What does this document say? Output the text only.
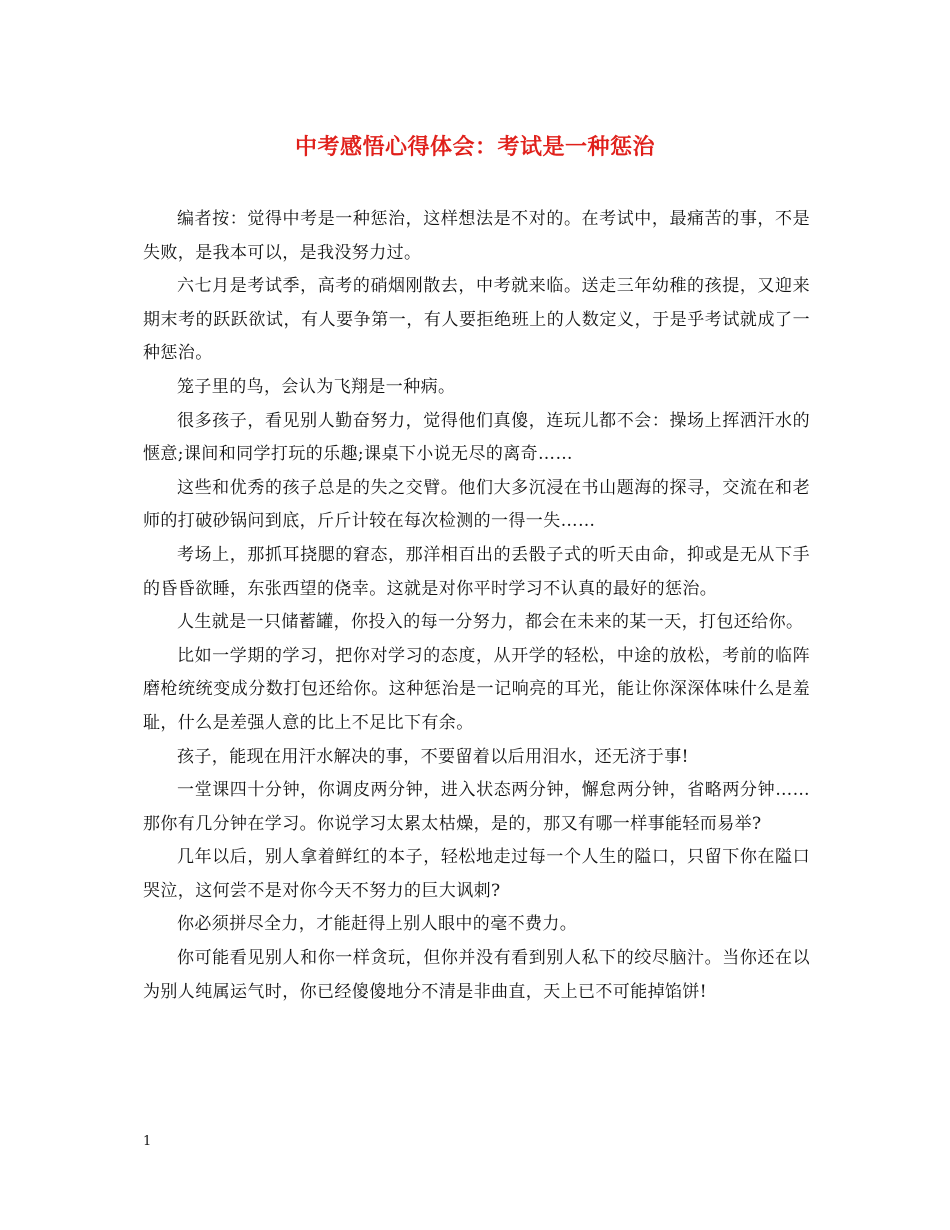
中考感悟心得体会：考试是一种惩治

编者按：觉得中考是一种惩治，这样想法是不对的。在考试中，最痛苦的事，不是失败，是我本可以，是我没努力过。

六七月是考试季，高考的硝烟刚散去，中考就来临。送走三年幼稚的孩提，又迎来期末考的跃跃欲试，有人要争第一，有人要拒绝班上的人数定义，于是乎考试就成了一种惩治。

笼子里的鸟，会认为飞翔是一种病。

很多孩子，看见别人勤奋努力，觉得他们真傻，连玩儿都不会：操场上挥洒汗水的惬意;课间和同学打玩的乐趣;课桌下小说无尽的离奇……

这些和优秀的孩子总是的失之交臂。他们大多沉浸在书山题海的探寻，交流在和老师的打破砂锅问到底，斤斤计较在每次检测的一得一失……

考场上，那抓耳挠腮的窘态，那洋相百出的丢骰子式的听天由命，抑或是无从下手的昏昏欲睡，东张西望的侥幸。这就是对你平时学习不认真的最好的惩治。

人生就是一只储蓄罐，你投入的每一分努力，都会在未来的某一天，打包还给你。

比如一学期的学习，把你对学习的态度，从开学的轻松，中途的放松，考前的临阵磨枪统统变成分数打包还给你。这种惩治是一记响亮的耳光，能让你深深体味什么是羞耻，什么是差强人意的比上不足比下有余。

孩子，能现在用汗水解决的事，不要留着以后用泪水，还无济于事!

一堂课四十分钟，你调皮两分钟，进入状态两分钟，懈怠两分钟，省略两分钟……那你有几分钟在学习。你说学习太累太枯燥，是的，那又有哪一样事能轻而易举?

几年以后，别人拿着鲜红的本子，轻松地走过每一个人生的隘口，只留下你在隘口哭泣，这何尝不是对你今天不努力的巨大讽刺?

你必须拼尽全力，才能赶得上别人眼中的毫不费力。

你可能看见别人和你一样贪玩，但你并没有看到别人私下的绞尽脑汁。当你还在以为别人纯属运气时，你已经傻傻地分不清是非曲直，天上已不可能掉馅饼!

1
